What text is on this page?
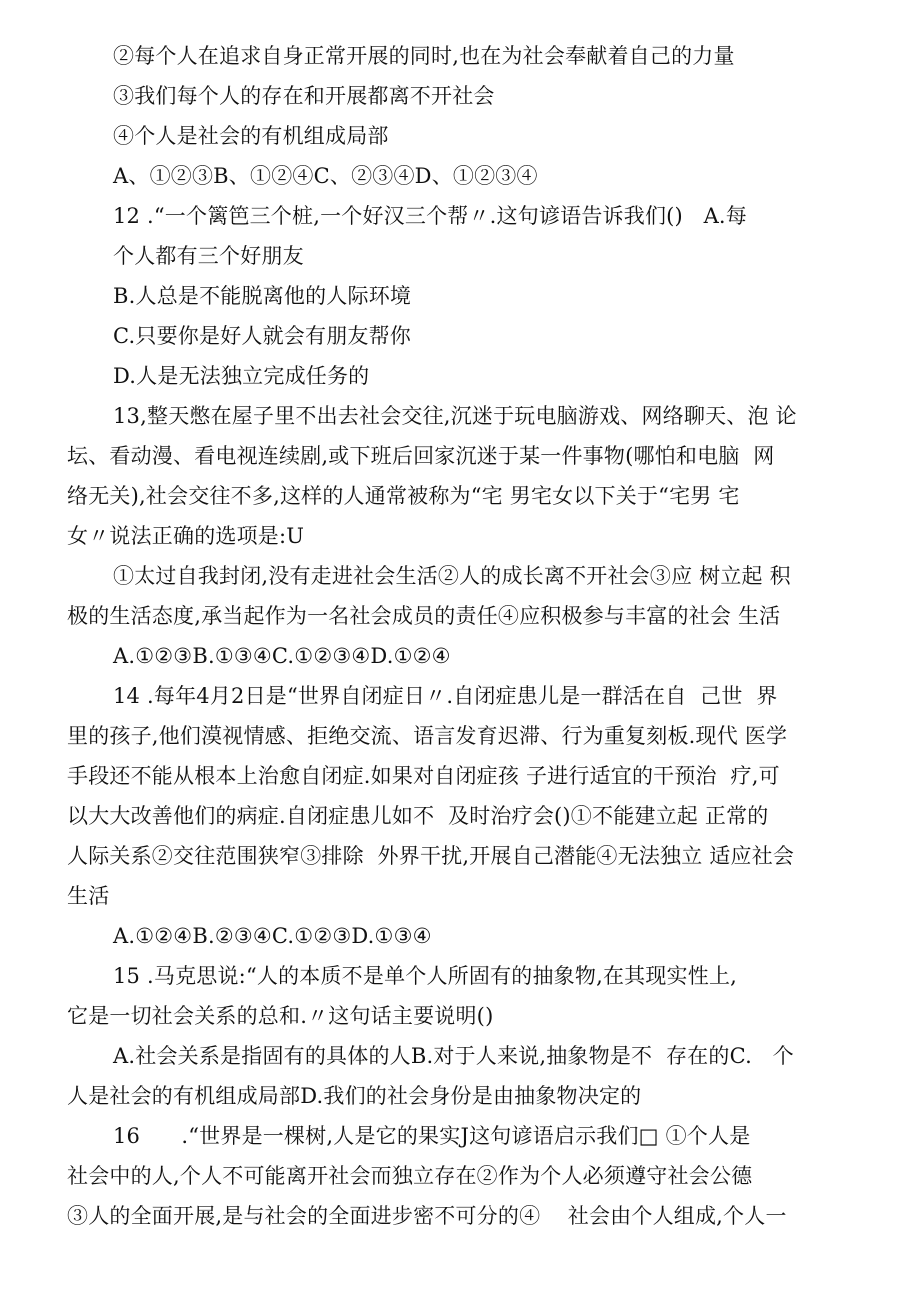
②每个人在追求自身正常开展的同时,也在为社会奉献着自己的力量
③我们每个人的存在和开展都离不开社会
④个人是社会的有机组成局部
A、①②③B、①②④C、②③④D、①②③④
12 .“一个篱笆三个桩,一个好汉三个帮〃.这句谚语告诉我们()   A.每
个人都有三个好朋友
B.人总是不能脱离他的人际环境
C.只要你是好人就会有朋友帮你
D.人是无法独立完成任务的
13,整天憋在屋子里不出去社会交往,沉迷于玩电脑游戏、网络聊天、泡 论
坛、看动漫、看电视连续剧,或下班后回家沉迷于某一件事物(哪怕和电脑  网
络无关),社会交往不多,这样的人通常被称为“宅 男宅女以下关于“宅男 宅
女〃说法正确的选项是:U
①太过自我封闭,没有走进社会生活②人的成长离不开社会③应 树立起 积
极的生活态度,承当起作为一名社会成员的责任④应积极参与丰富的社会 生活
A.①②③B.①③④C.①②③④D.①②④
14 .每年4月2日是“世界自闭症日〃.自闭症患儿是一群活在自  己世  界
里的孩子,他们漠视情感、拒绝交流、语言发育迟滞、行为重复刻板.现代 医学
手段还不能从根本上治愈自闭症.如果对自闭症孩 子进行适宜的干预治  疗,可
以大大改善他们的病症.自闭症患儿如不  及时治疗会()①不能建立起 正常的
人际关系②交往范围狭窄③排除  外界干扰,开展自己潜能④无法独立 适应社会
生活
A.①②④B.②③④C.①②③D.①③④
15 .马克思说:“人的本质不是单个人所固有的抽象物,在其现实性上,
它是一切社会关系的总和.〃这句话主要说明()
A.社会关系是指固有的具体的人B.对于人来说,抽象物是不  存在的C.   个
人是社会的有机组成局部D.我们的社会身份是由抽象物决定的
16      .“世界是一棵树,人是它的果实J这句谚语启示我们□ ①个人是
社会中的人,个人不可能离开社会而独立存在②作为个人必须遵守社会公德
③人的全面开展,是与社会的全面进步密不可分的④    社会由个人组成,个人一
